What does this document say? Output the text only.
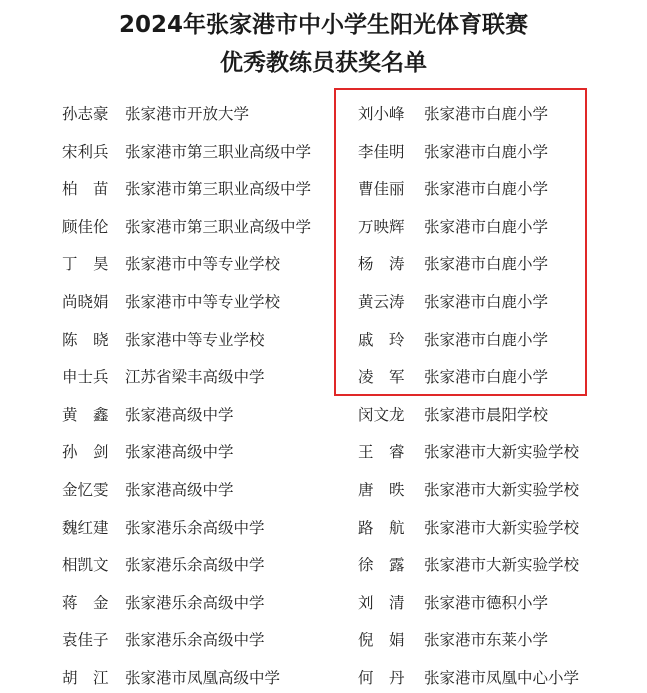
2024年张家港市中小学生阳光体育联赛
优秀教练员获奖名单
孙志豪 张家港市开放大学	刘小峰 张家港市白鹿小学
宋利兵 张家港市第三职业高级中学	李佳明 张家港市白鹿小学
柏　苗 张家港市第三职业高级中学	曹佳丽 张家港市白鹿小学
顾佳伦 张家港市第三职业高级中学	万映辉 张家港市白鹿小学
丁　昊 张家港市中等专业学校	杨　涛 张家港市白鹿小学
尚晓娟 张家港市中等专业学校	黄云涛 张家港市白鹿小学
陈　晓 张家港中等专业学校	戚　玲 张家港市白鹿小学
申士兵 江苏省梁丰高级中学	凌　军 张家港市白鹿小学
黄　鑫 张家港高级中学	闵文龙 张家港市晨阳学校
孙　剑 张家港高级中学	王　睿 张家港市大新实验学校
金忆雯 张家港高级中学	唐　昳 张家港市大新实验学校
魏红建 张家港乐余高级中学	路　航 张家港市大新实验学校
相凯文 张家港乐余高级中学	徐　露 张家港市大新实验学校
蒋　金 张家港乐余高级中学	刘　清 张家港市德积小学
袁佳子 张家港乐余高级中学	倪　娟 张家港市东莱小学
胡　江 张家港市凤凰高级中学	何　丹 张家港市凤凰中心小学
